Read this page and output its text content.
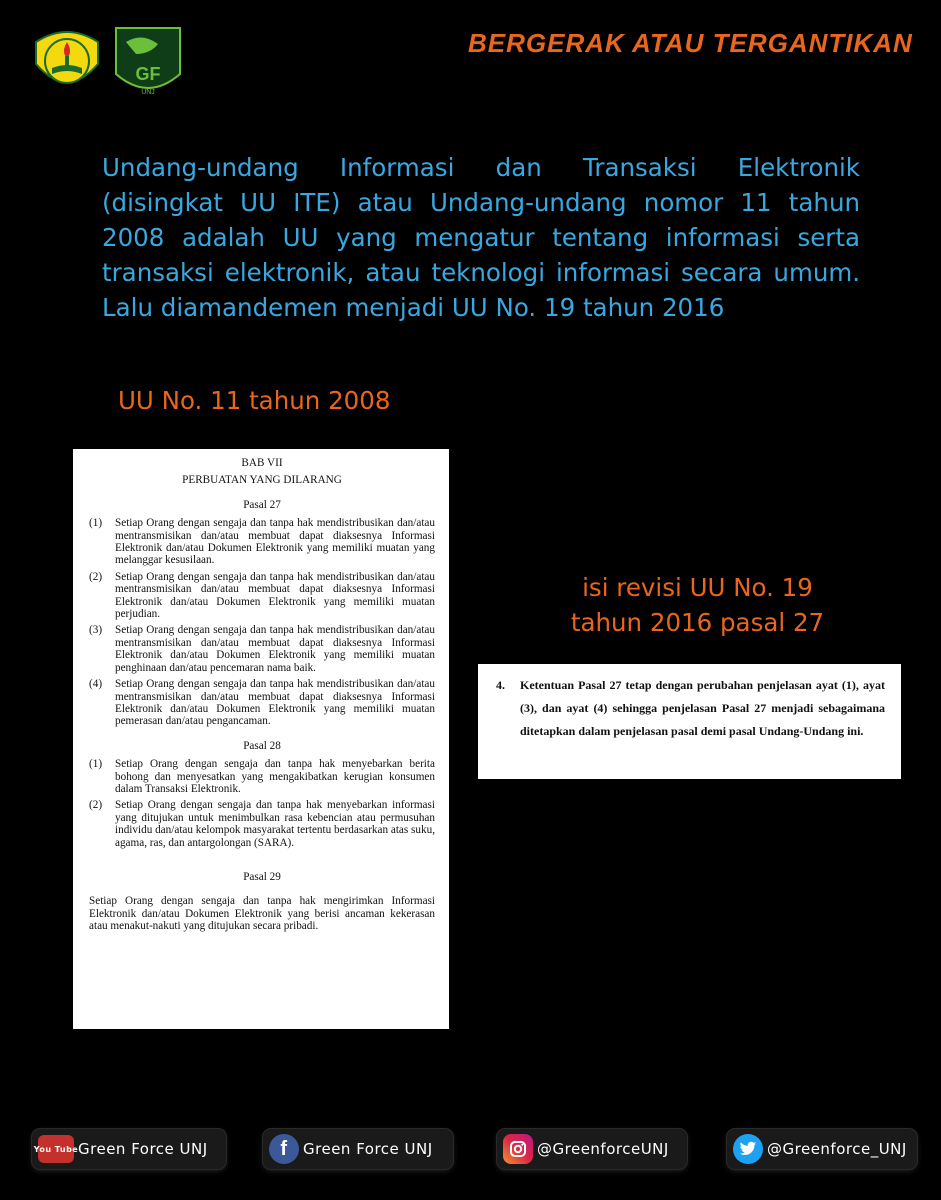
GF
UNJ
BERGERAK ATAU TERGANTIKAN
Undang-undang Informasi dan Transaksi Elektronik
(disingkat UU ITE) atau Undang-undang nomor 11 tahun
2008 adalah UU yang mengatur tentang informasi serta
transaksi elektronik, atau teknologi informasi secara umum.
Lalu diamandemen menjadi UU No. 19 tahun 2016
UU No. 11 tahun 2008
isi revisi UU No. 19
tahun 2016 pasal 27
BAB VII
PERBUATAN YANG DILARANG
Pasal 27
(1)	Setiap Orang dengan sengaja dan tanpa hak mendistribusikan dan/atau mentransmisikan dan/atau membuat dapat diaksesnya Informasi Elektronik dan/atau Dokumen Elektronik yang memiliki muatan yang melanggar kesusilaan.
(2)	Setiap Orang dengan sengaja dan tanpa hak mendistribusikan dan/atau mentransmisikan dan/atau membuat dapat diaksesnya Informasi Elektronik dan/atau Dokumen Elektronik yang memiliki muatan perjudian.
(3)	Setiap Orang dengan sengaja dan tanpa hak mendistribusikan dan/atau mentransmisikan dan/atau membuat dapat diaksesnya Informasi Elektronik dan/atau Dokumen Elektronik yang memiliki muatan penghinaan dan/atau pencemaran nama baik.
(4)	Setiap Orang dengan sengaja dan tanpa hak mendistribusikan dan/atau mentransmisikan dan/atau membuat dapat diaksesnya Informasi Elektronik dan/atau Dokumen Elektronik yang memiliki muatan pemerasan dan/atau pengancaman.
Pasal 28
(1)	Setiap Orang dengan sengaja dan tanpa hak menyebarkan berita bohong dan menyesatkan yang mengakibatkan kerugian konsumen dalam Transaksi Elektronik.
(2)	Setiap Orang dengan sengaja dan tanpa hak menyebarkan informasi yang ditujukan untuk menimbulkan rasa kebencian atau permusuhan individu dan/atau kelompok masyarakat tertentu berdasarkan atas suku, agama, ras, dan antargolongan (SARA).
Pasal 29
Setiap Orang dengan sengaja dan tanpa hak mengirimkan Informasi Elektronik dan/atau Dokumen Elektronik yang berisi ancaman kekerasan atau menakut-nakuti yang ditujukan secara pribadi.
4.	Ketentuan Pasal 27 tetap dengan perubahan penjelasan ayat (1), ayat (3), dan ayat (4) sehingga penjelasan Pasal 27 menjadi sebagaimana ditetapkan dalam penjelasan pasal demi pasal Undang-Undang ini.
You Tube Green Force UNJ	f	Green Force UNJ	@GreenforceUNJ	@Greenforce_UNJ
